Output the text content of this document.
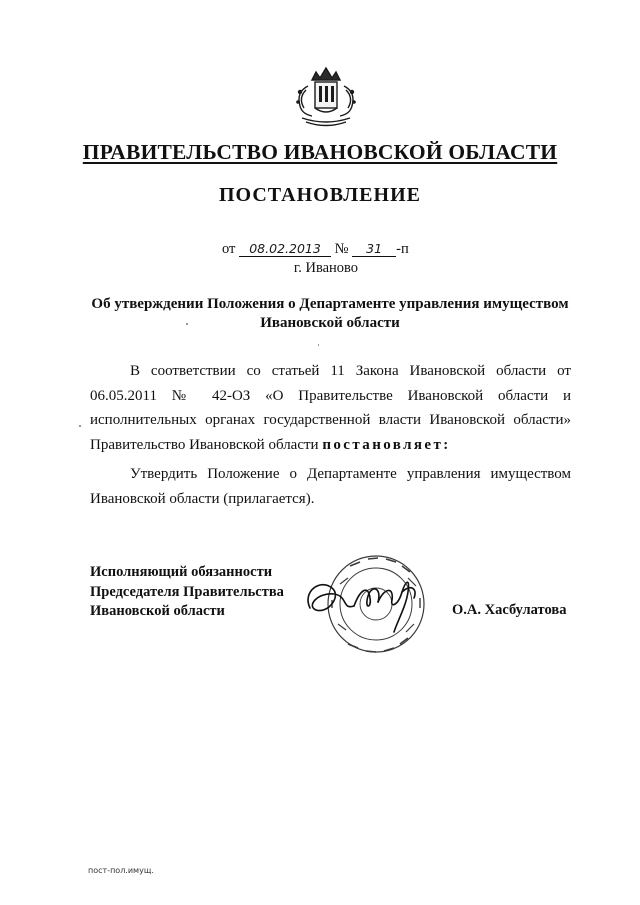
ПРАВИТЕЛЬСТВО ИВАНОВСКОЙ ОБЛАСТИ
ПОСТАНОВЛЕНИЕ
от 08.02.2013 № 31 -п
г. Иваново
Об утверждении Положения о Департаменте управления имуществом
Ивановской области

В соответствии со статьей 11 Закона Ивановской области от 06.05.2011 № 42-ОЗ «О Правительстве Ивановской области и исполнительных органах государственной власти Ивановской области» Правительство Ивановской области постановляет:

Утвердить Положение о Департаменте управления имуществом Ивановской области (прилагается).

Исполняющий обязанности
Председателя Правительства
Ивановской области	О.А. Хасбулатова
пост-пол.имущ.
